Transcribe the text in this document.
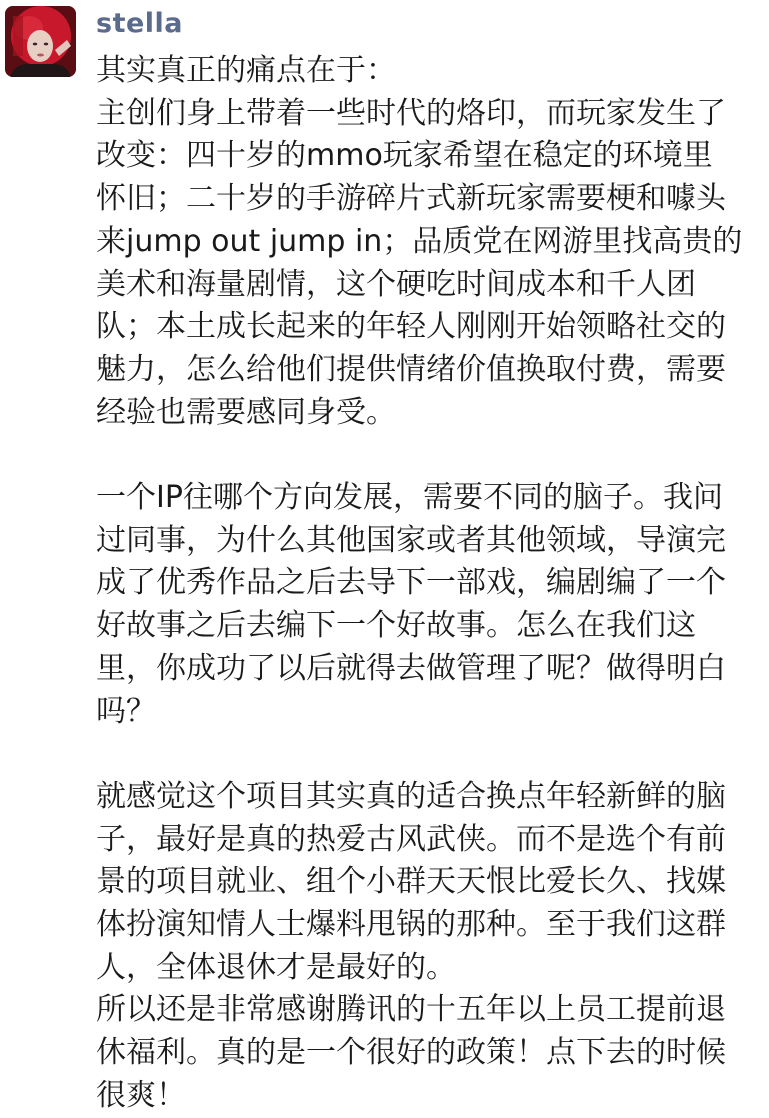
stella

其实真正的痛点在于：
主创们身上带着一些时代的烙印，而玩家发生了
改变：四十岁的mmo玩家希望在稳定的环境里
怀旧；二十岁的手游碎片式新玩家需要梗和噱头
来jump out jump in；品质党在网游里找高贵的
美术和海量剧情，这个硬吃时间成本和千人团
队；本土成长起来的年轻人刚刚开始领略社交的
魅力，怎么给他们提供情绪价值换取付费，需要
经验也需要感同身受。

一个IP往哪个方向发展，需要不同的脑子。我问
过同事，为什么其他国家或者其他领域，导演完
成了优秀作品之后去导下一部戏，编剧编了一个
好故事之后去编下一个好故事。怎么在我们这
里，你成功了以后就得去做管理了呢？做得明白
吗？

就感觉这个项目其实真的适合换点年轻新鲜的脑
子，最好是真的热爱古风武侠。而不是选个有前
景的项目就业、组个小群天天恨比爱长久、找媒
体扮演知情人士爆料甩锅的那种。至于我们这群
人，全体退休才是最好的。
所以还是非常感谢腾讯的十五年以上员工提前退
休福利。真的是一个很好的政策！点下去的时候
很爽！
